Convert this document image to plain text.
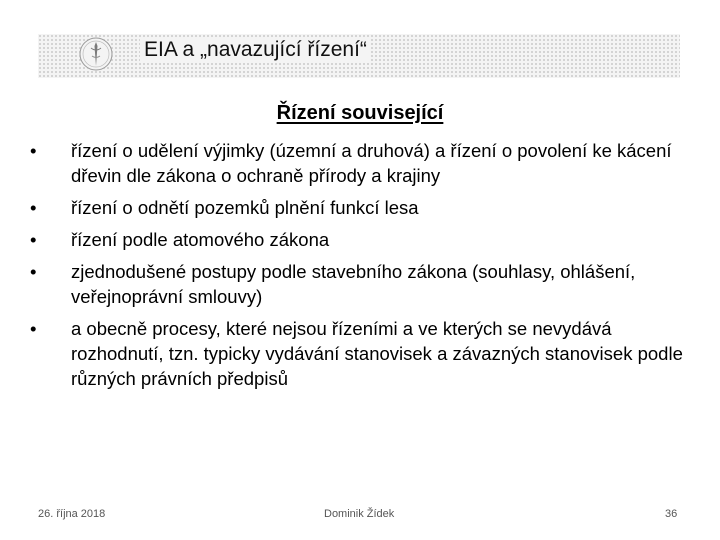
EIA a „navazující řízení“
Řízení související
•	řízení o udělení výjimky (územní a druhová) a řízení o povolení ke kácení dřevin dle zákona o ochraně přírody a krajiny
•	řízení o odnětí pozemků plnění funkcí lesa
•	řízení podle atomového zákona
•	zjednodušené postupy podle stavebního zákona (souhlasy, ohlášení, veřejnoprávní smlouvy)
•	a obecně procesy, které nejsou řízeními a ve kterých se nevydává rozhodnutí, tzn. typicky vydávání stanovisek a závazných stanovisek podle různých právních předpisů
26. října 2018	Dominik Žídek	36
